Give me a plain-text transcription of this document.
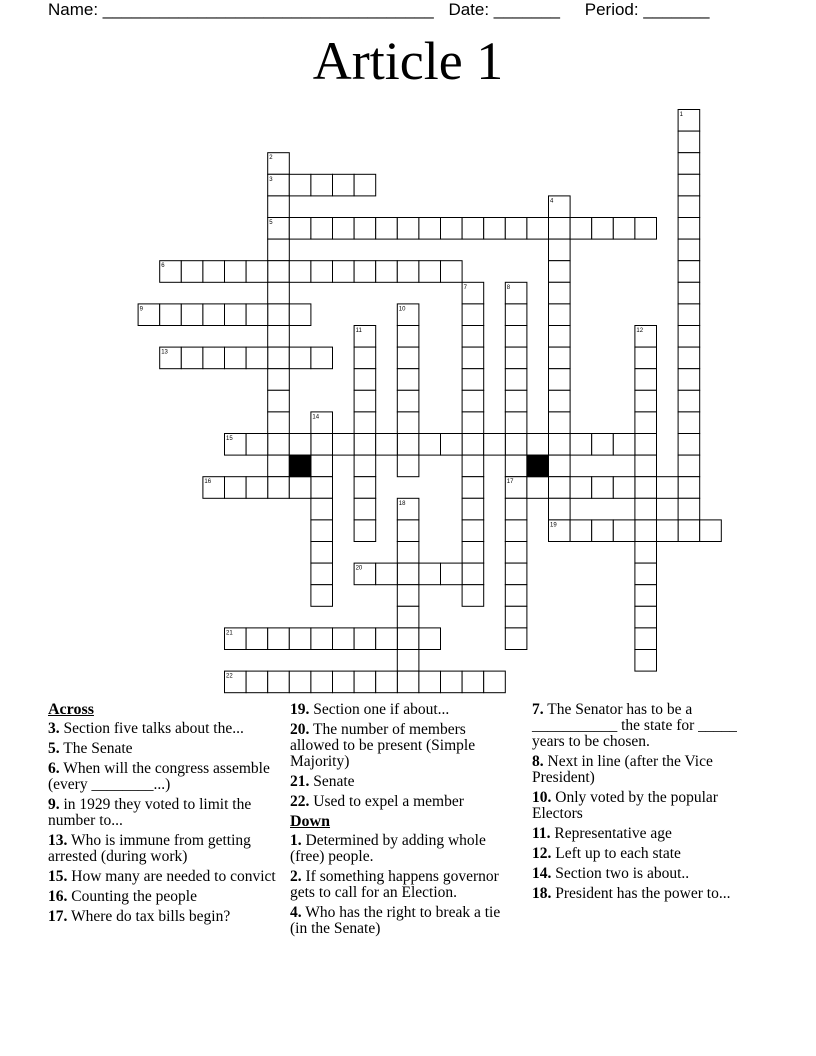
Name: ___________________________________ Date: _______ Period: _______
Article 1
1
2
3
4
5
6
7	8
9	10
11	12
13
14
15
16	17
18
19
20
21
22
Across
3. Section five talks about the...
5. The Senate
6. When will the congress assemble (every ________...)
9. in 1929 they voted to limit the number to...
13. Who is immune from getting arrested (during work)
15. How many are needed to convict
16. Counting the people
17. Where do tax bills begin?
19. Section one if about...
20. The number of members allowed to be present (Simple Majority)
21. Senate
22. Used to expel a member
Down
1. Determined by adding whole (free) people.
2. If something happens governor gets to call for an Election.
4. Who has the right to break a tie (in the Senate)
7. The Senator has to be a ___________ the state for _____ years to be chosen.
8. Next in line (after the Vice President)
10. Only voted by the popular Electors
11. Representative age
12. Left up to each state
14. Section two is about..
18. President has the power to...
